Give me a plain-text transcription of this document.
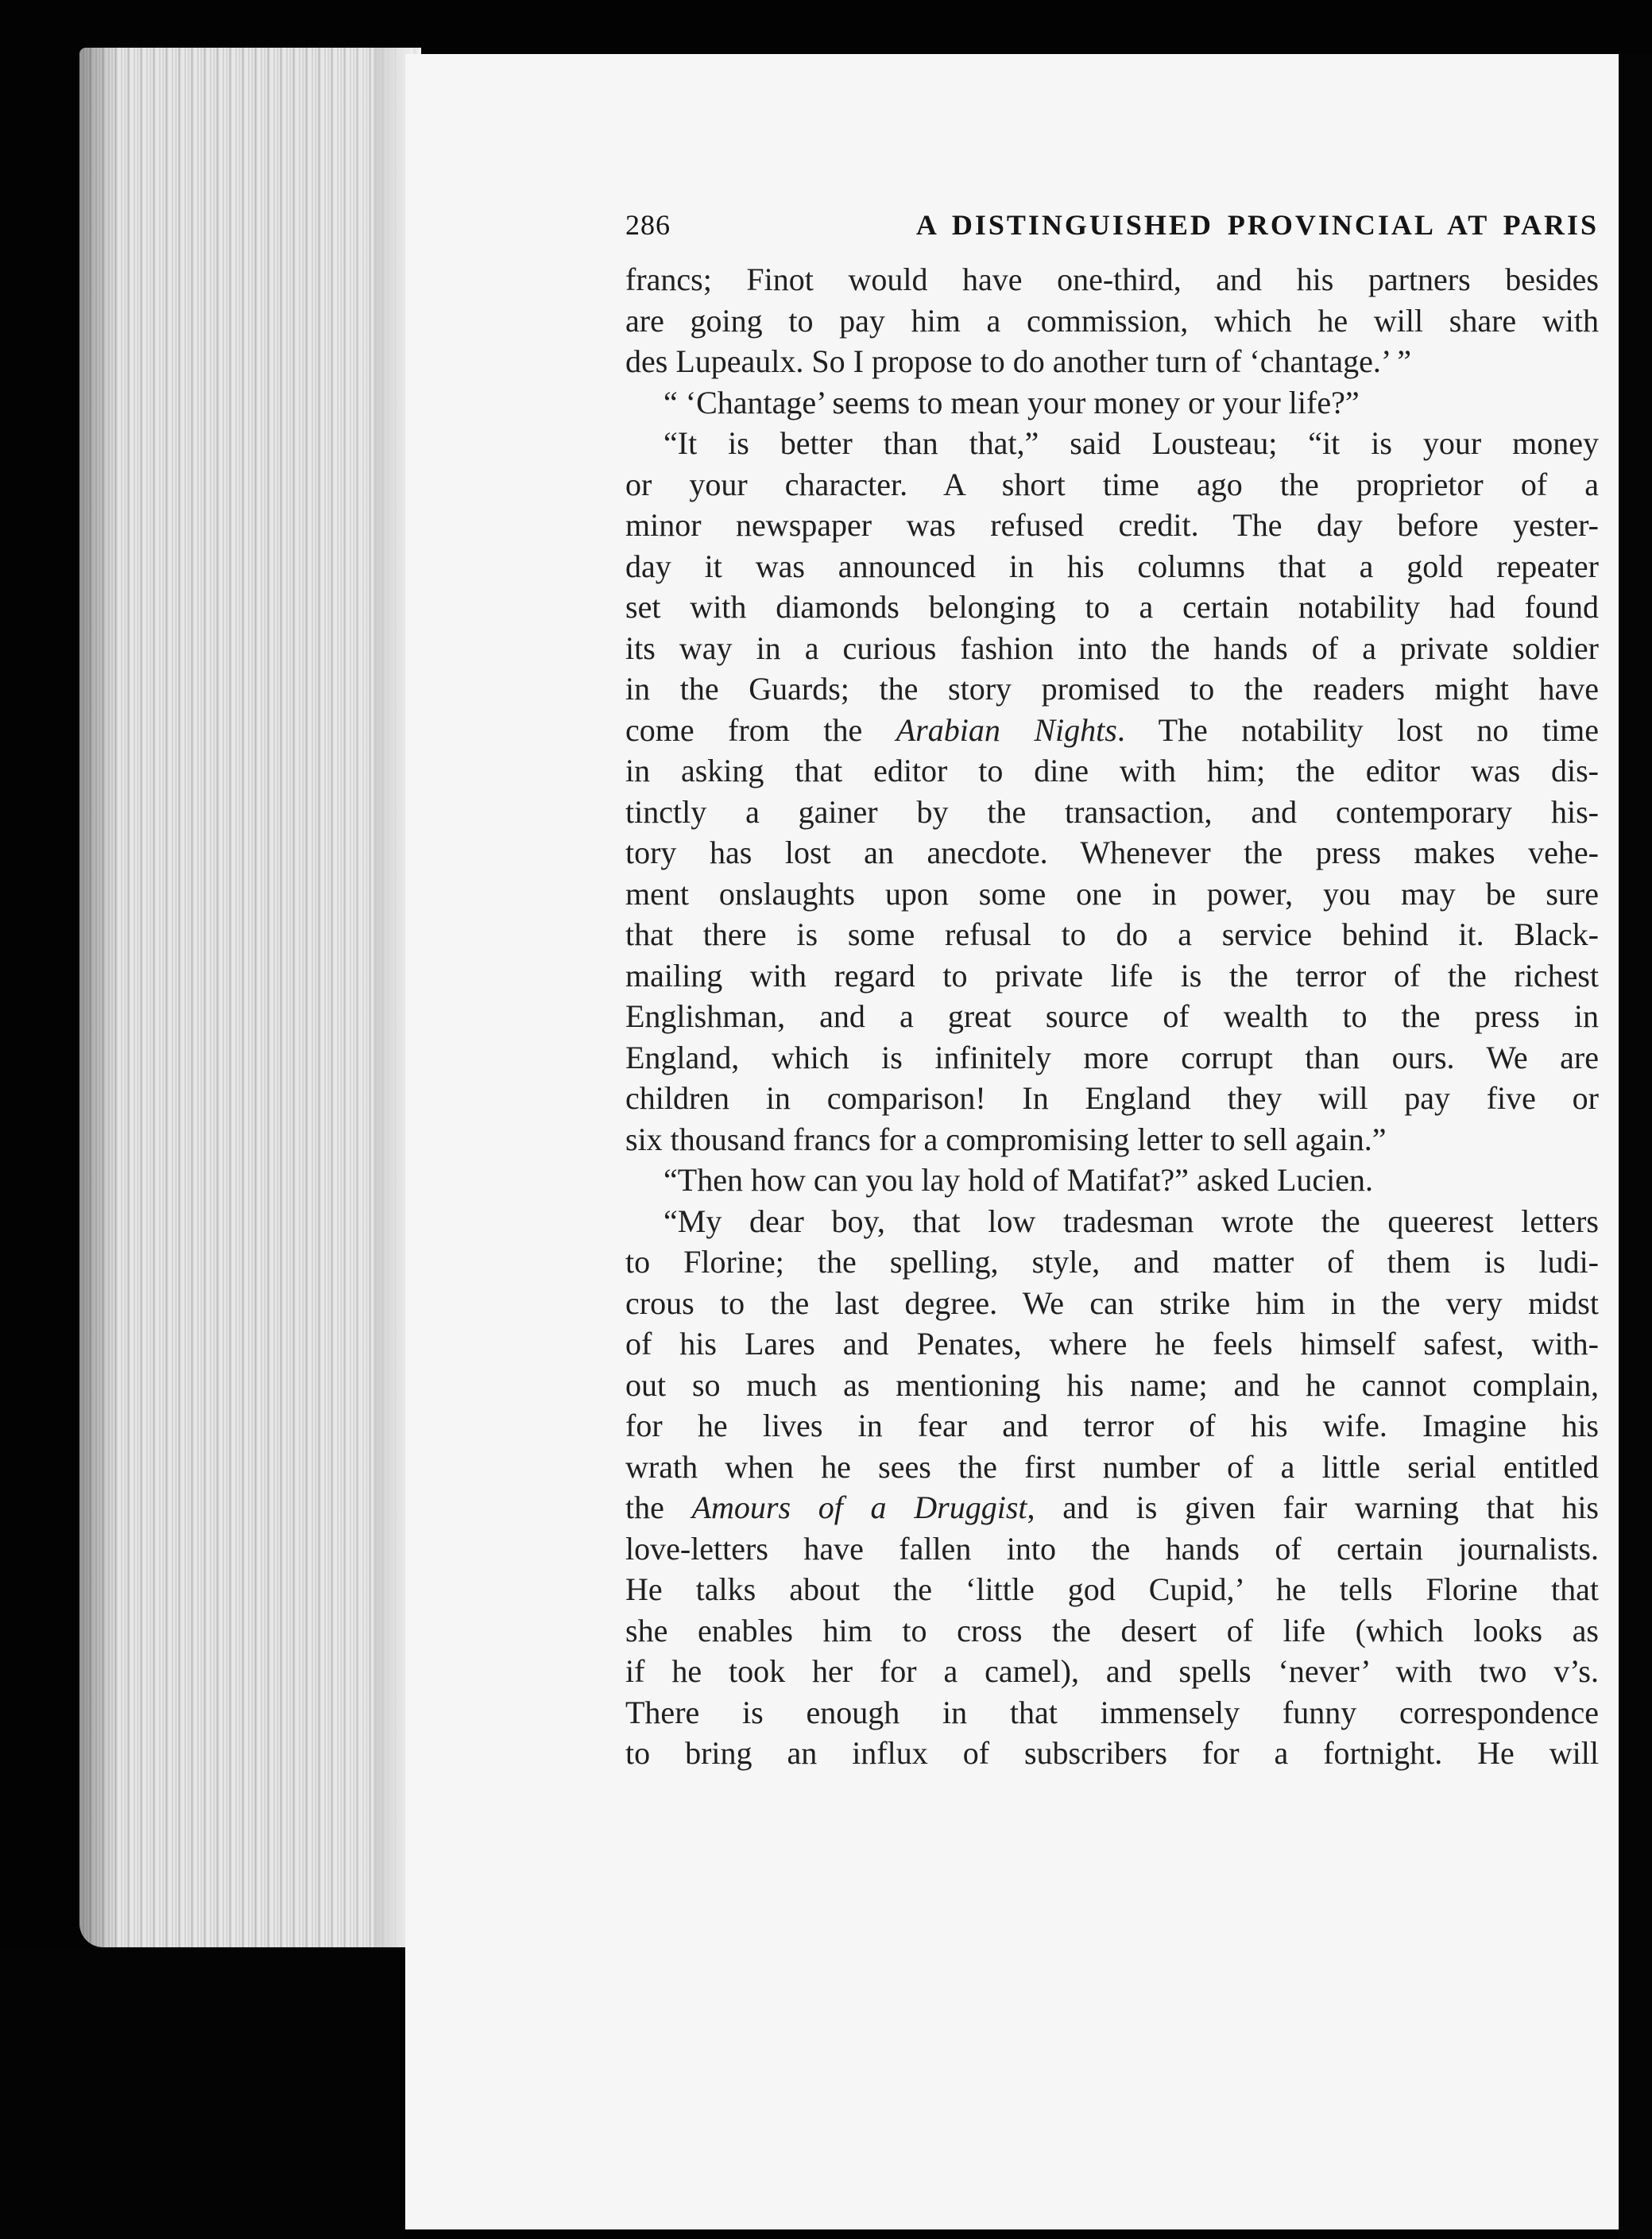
286	A DISTINGUISHED PROVINCIAL AT PARIS
francs; Finot would have one-third, and his partners besides
are going to pay him a commission, which he will share with
des Lupeaulx. So I propose to do another turn of ‘chantage.’ ”
“ ‘Chantage’ seems to mean your money or your life?”
“It is better than that,” said Lousteau; “it is your money
or your character. A short time ago the proprietor of a
minor newspaper was refused credit. The day before yester-
day it was announced in his columns that a gold repeater
set with diamonds belonging to a certain notability had found
its way in a curious fashion into the hands of a private soldier
in the Guards; the story promised to the readers might have
come from the Arabian Nights. The notability lost no time
in asking that editor to dine with him; the editor was dis-
tinctly a gainer by the transaction, and contemporary his-
tory has lost an anecdote. Whenever the press makes vehe-
ment onslaughts upon some one in power, you may be sure
that there is some refusal to do a service behind it. Black-
mailing with regard to private life is the terror of the richest
Englishman, and a great source of wealth to the press in
England, which is infinitely more corrupt than ours. We are
children in comparison! In England they will pay five or
six thousand francs for a compromising letter to sell again.”
“Then how can you lay hold of Matifat?” asked Lucien.
“My dear boy, that low tradesman wrote the queerest letters
to Florine; the spelling, style, and matter of them is ludi-
crous to the last degree. We can strike him in the very midst
of his Lares and Penates, where he feels himself safest, with-
out so much as mentioning his name; and he cannot complain,
for he lives in fear and terror of his wife. Imagine his
wrath when he sees the first number of a little serial entitled
the Amours of a Druggist, and is given fair warning that his
love-letters have fallen into the hands of certain journalists.
He talks about the ‘little god Cupid,’ he tells Florine that
she enables him to cross the desert of life (which looks as
if he took her for a camel), and spells ‘never’ with two v’s.
There is enough in that immensely funny correspondence
to bring an influx of subscribers for a fortnight. He will
